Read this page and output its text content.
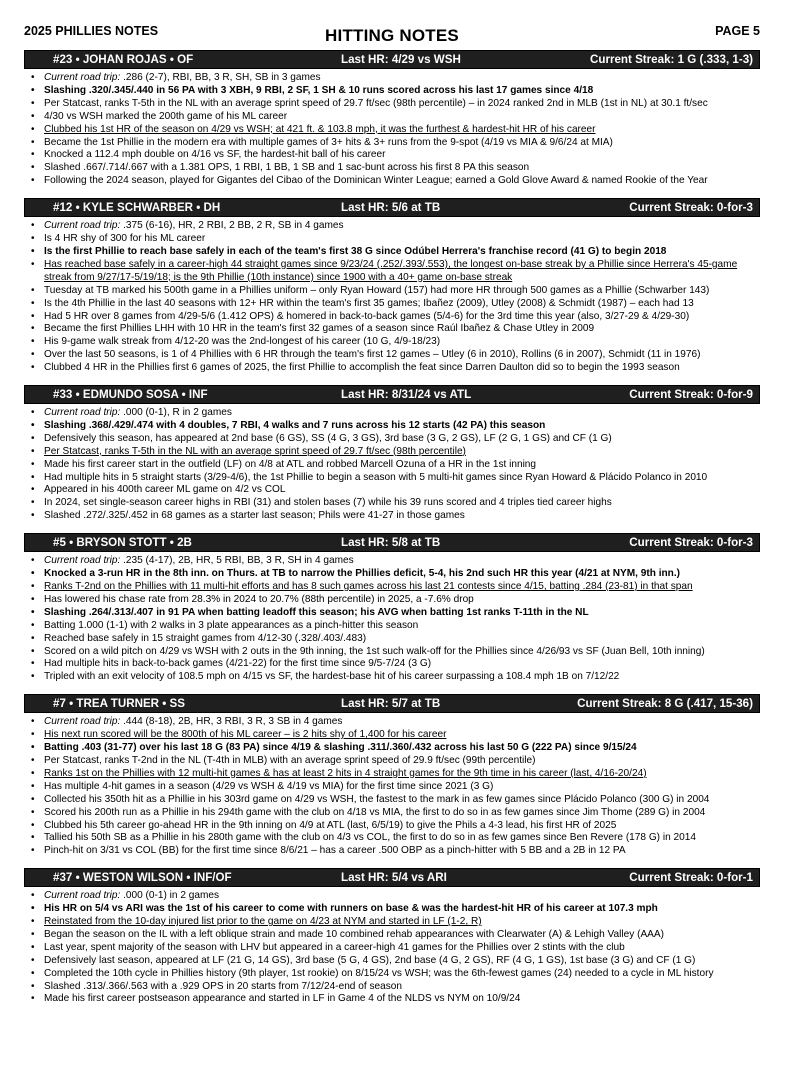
2025 PHILLIES NOTES	HITTING NOTES	PAGE 5
#23 • JOHAN ROJAS • OF	Last HR: 4/29 vs WSH	Current Streak: 1 G (.333, 1-3)
• Current road trip: .286 (2-7), RBI, BB, 3 R, SH, SB in 3 games
• Slashing .320/.345/.440 in 56 PA with 3 XBH, 9 RBI, 2 SF, 1 SH & 10 runs scored across his last 17 games since 4/18
• Per Statcast, ranks T-5th in the NL with an average sprint speed of 29.7 ft/sec (98th percentile) – in 2024 ranked 2nd in MLB (1st in NL) at 30.1 ft/sec
• 4/30 vs WSH marked the 200th game of his ML career
• Clubbed his 1st HR of the season on 4/29 vs WSH; at 421 ft. & 103.8 mph, it was the furthest & hardest-hit HR of his career
• Became the 1st Phillie in the modern era with multiple games of 3+ hits & 3+ runs from the 9-spot (4/19 vs MIA & 9/6/24 at MIA)
• Knocked a 112.4 mph double on 4/16 vs SF, the hardest-hit ball of his career
• Slashed .667/.714/.667 with a 1.381 OPS, 1 RBI, 1 BB, 1 SB and 1 sac-bunt across his first 8 PA this season
• Following the 2024 season, played for Gigantes del Cibao of the Dominican Winter League; earned a Gold Glove Award & named Rookie of the Year
#12 • KYLE SCHWARBER • DH	Last HR: 5/6 at TB	Current Streak: 0-for-3
• Current road trip: .375 (6-16), HR, 2 RBI, 2 BB, 2 R, SB in 4 games
• Is 4 HR shy of 300 for his ML career
• Is the first Phillie to reach base safely in each of the team's first 38 G since Odúbel Herrera's franchise record (41 G) to begin 2018
• Has reached base safely in a career-high 44 straight games since 9/23/24 (.252/.393/.553), the longest on-base streak by a Phillie since Herrera's 45-game streak from 9/27/17-5/19/18; is the 9th Phillie (10th instance) since 1900 with a 40+ game on-base streak
• Tuesday at TB marked his 500th game in a Phillies uniform – only Ryan Howard (157) had more HR through 500 games as a Phillie (Schwarber 143)
• Is the 4th Phillie in the last 40 seasons with 12+ HR within the team's first 35 games; Ibañez (2009), Utley (2008) & Schmidt (1987) – each had 13
• Had 5 HR over 8 games from 4/29-5/6 (1.412 OPS) & homered in back-to-back games (5/4-6) for the 3rd time this year (also, 3/27-29 & 4/29-30)
• Became the first Phillies LHH with 10 HR in the team's first 32 games of a season since Raúl Ibañez & Chase Utley in 2009
• His 9-game walk streak from 4/12-20 was the 2nd-longest of his career (10 G, 4/9-18/23)
• Over the last 50 seasons, is 1 of 4 Phillies with 6 HR through the team's first 12 games – Utley (6 in 2010), Rollins (6 in 2007), Schmidt (11 in 1976)
• Clubbed 4 HR in the Phillies first 6 games of 2025, the first Phillie to accomplish the feat since Darren Daulton did so to begin the 1993 season
#33 • EDMUNDO SOSA • INF	Last HR: 8/31/24 vs ATL	Current Streak: 0-for-9
• Current road trip: .000 (0-1), R in 2 games
• Slashing .368/.429/.474 with 4 doubles, 7 RBI, 4 walks and 7 runs across his 12 starts (42 PA) this season
• Defensively this season, has appeared at 2nd base (6 GS), SS (4 G, 3 GS), 3rd base (3 G, 2 GS), LF (2 G, 1 GS) and CF (1 G)
• Per Statcast, ranks T-5th in the NL with an average sprint speed of 29.7 ft/sec (98th percentile)
• Made his first career start in the outfield (LF) on 4/8 at ATL and robbed Marcell Ozuna of a HR in the 1st inning
• Had multiple hits in 5 straight starts (3/29-4/6), the 1st Phillie to begin a season with 5 multi-hit games since Ryan Howard & Plácido Polanco in 2010
• Appeared in his 400th career ML game on 4/2 vs COL
• In 2024, set single-season career highs in RBI (31) and stolen bases (7) while his 39 runs scored and 4 triples tied career highs
• Slashed .272/.325/.452 in 68 games as a starter last season; Phils were 41-27 in those games
#5 • BRYSON STOTT • 2B	Last HR: 5/8 at TB	Current Streak: 0-for-3
• Current road trip: .235 (4-17), 2B, HR, 5 RBI, BB, 3 R, SH in 4 games
• Knocked a 3-run HR in the 8th inn. on Thurs. at TB to narrow the Phillies deficit, 5-4, his 2nd such HR this year (4/21 at NYM, 9th inn.)
• Ranks T-2nd on the Phillies with 11 multi-hit efforts and has 8 such games across his last 21 contests since 4/15, batting .284 (23-81) in that span
• Has lowered his chase rate from 28.3% in 2024 to 20.7% (88th percentile) in 2025, a -7.6% drop
• Slashing .264/.313/.407 in 91 PA when batting leadoff this season; his AVG when batting 1st ranks T-11th in the NL
• Batting 1.000 (1-1) with 2 walks in 3 plate appearances as a pinch-hitter this season
• Reached base safely in 15 straight games from 4/12-30 (.328/.403/.483)
• Scored on a wild pitch on 4/29 vs WSH with 2 outs in the 9th inning, the 1st such walk-off for the Phillies since 4/26/93 vs SF (Juan Bell, 10th inning)
• Had multiple hits in back-to-back games (4/21-22) for the first time since 9/5-7/24 (3 G)
• Tripled with an exit velocity of 108.5 mph on 4/15 vs SF, the hardest-base hit of his career surpassing a 108.4 mph 1B on 7/12/22
#7 • TREA TURNER • SS	Last HR: 5/7 at TB	Current Streak: 8 G (.417, 15-36)
• Current road trip: .444 (8-18), 2B, HR, 3 RBI, 3 R, 3 SB in 4 games
• His next run scored will be the 800th of his ML career – is 2 hits shy of 1,400 for his career
• Batting .403 (31-77) over his last 18 G (83 PA) since 4/19 & slashing .311/.360/.432 across his last 50 G (222 PA) since 9/15/24
• Per Statcast, ranks T-2nd in the NL (T-4th in MLB) with an average sprint speed of 29.9 ft/sec (99th percentile)
• Ranks 1st on the Phillies with 12 multi-hit games & has at least 2 hits in 4 straight games for the 9th time in his career (last, 4/16-20/24)
• Has multiple 4-hit games in a season (4/29 vs WSH & 4/19 vs MIA) for the first time since 2021 (3 G)
• Collected his 350th hit as a Phillie in his 303rd game on 4/29 vs WSH, the fastest to the mark in as few games since Plácido Polanco (300 G) in 2004
• Scored his 200th run as a Phillie in his 294th game with the club on 4/18 vs MIA, the first to do so in as few games since Jim Thome (289 G) in 2004
• Clubbed his 5th career go-ahead HR in the 9th inning on 4/9 at ATL (last, 6/5/19) to give the Phils a 4-3 lead, his first HR of 2025
• Tallied his 50th SB as a Phillie in his 280th game with the club on 4/3 vs COL, the first to do so in as few games since Ben Revere (178 G) in 2014
• Pinch-hit on 3/31 vs COL (BB) for the first time since 8/6/21 – has a career .500 OBP as a pinch-hitter with 5 BB and a 2B in 12 PA
#37 • WESTON WILSON • INF/OF	Last HR: 5/4 vs ARI	Current Streak: 0-for-1
• Current road trip: .000 (0-1) in 2 games
• His HR on 5/4 vs ARI was the 1st of his career to come with runners on base & was the hardest-hit HR of his career at 107.3 mph
• Reinstated from the 10-day injured list prior to the game on 4/23 at NYM and started in LF (1-2, R)
• Began the season on the IL with a left oblique strain and made 10 combined rehab appearances with Clearwater (A) & Lehigh Valley (AAA)
• Last year, spent majority of the season with LHV but appeared in a career-high 41 games for the Phillies over 2 stints with the club
• Defensively last season, appeared at LF (21 G, 14 GS), 3rd base (5 G, 4 GS), 2nd base (4 G, 2 GS), RF (4 G, 1 GS), 1st base (3 G) and CF (1 G)
• Completed the 10th cycle in Phillies history (9th player, 1st rookie) on 8/15/24 vs WSH; was the 6th-fewest games (24) needed to a cycle in ML history
• Slashed .313/.366/.563 with a .929 OPS in 20 starts from 7/12/24-end of season
• Made his first career postseason appearance and started in LF in Game 4 of the NLDS vs NYM on 10/9/24
